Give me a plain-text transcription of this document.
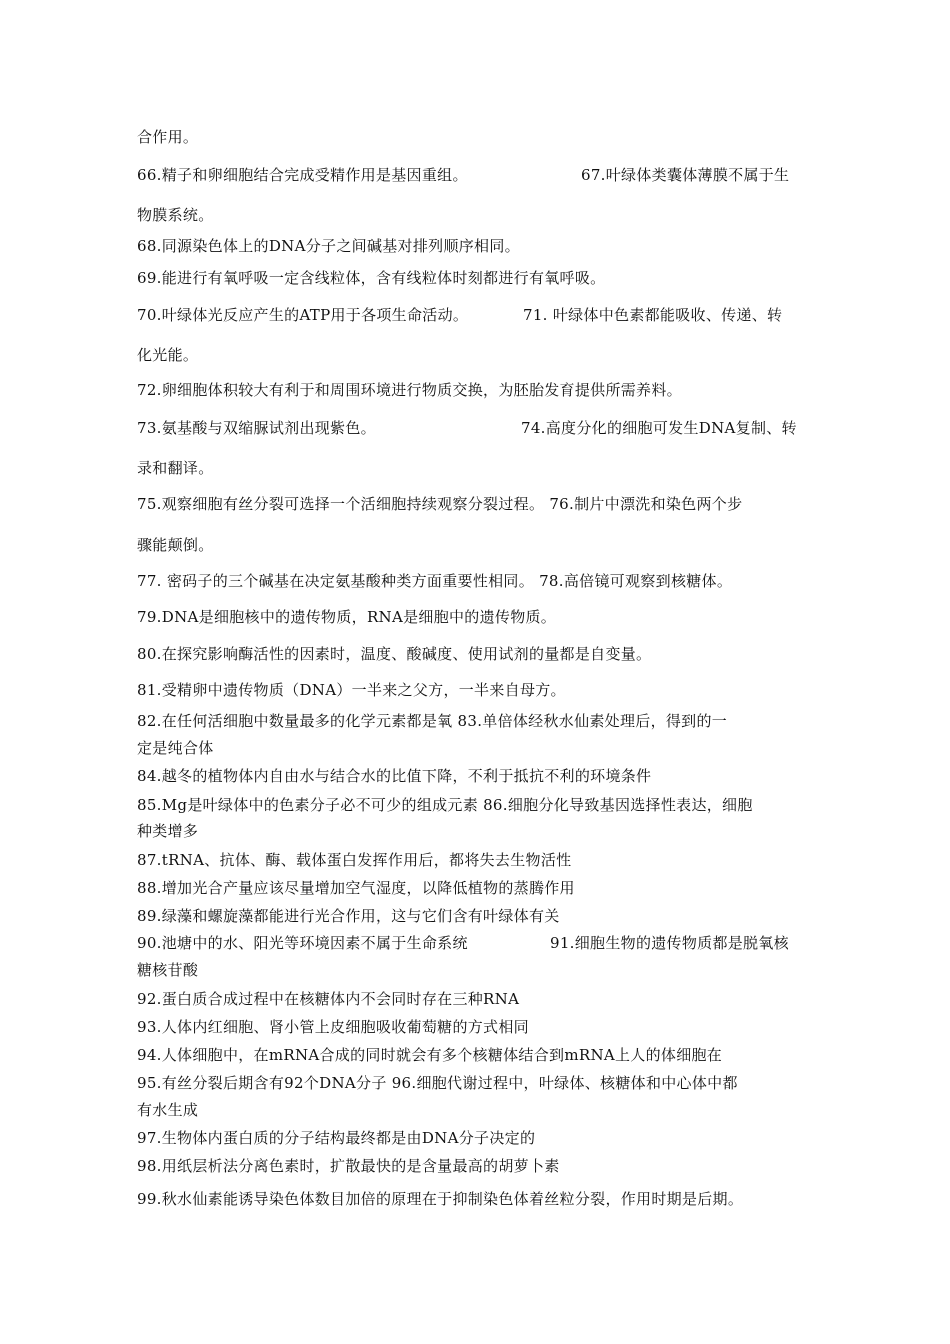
合作用。
66.精子和卵细胞结合完成受精作用是基因重组。	67.叶绿体类囊体薄膜不属于生
物膜系统。
68.同源染色体上的DNA分子之间碱基对排列顺序相同。
69.能进行有氧呼吸一定含线粒体，含有线粒体时刻都进行有氧呼吸。
70.叶绿体光反应产生的ATP用于各项生命活动。	71. 叶绿体中色素都能吸收、传递、转
化光能。
72.卵细胞体积较大有利于和周围环境进行物质交换，为胚胎发育提供所需养料。
73.氨基酸与双缩脲试剂出现紫色。	74.高度分化的细胞可发生DNA复制、转
录和翻译。
75.观察细胞有丝分裂可选择一个活细胞持续观察分裂过程。 76.制片中漂洗和染色两个步
骤能颠倒。
77. 密码子的三个碱基在决定氨基酸种类方面重要性相同。 78.高倍镜可观察到核糖体。
79.DNA是细胞核中的遗传物质，RNA是细胞中的遗传物质。
80.在探究影响酶活性的因素时，温度、酸碱度、使用试剂的量都是自变量。
81.受精卵中遗传物质（DNA）一半来之父方，一半来自母方。
82.在任何活细胞中数量最多的化学元素都是氧 83.单倍体经秋水仙素处理后，得到的一
定是纯合体
84.越冬的植物体内自由水与结合水的比值下降，不利于抵抗不利的环境条件
85.Mg是叶绿体中的色素分子必不可少的组成元素 86.细胞分化导致基因选择性表达，细胞
种类增多
87.tRNA、抗体、酶、载体蛋白发挥作用后，都将失去生物活性
88.增加光合产量应该尽量增加空气湿度，以降低植物的蒸腾作用
89.绿藻和螺旋藻都能进行光合作用，这与它们含有叶绿体有关
90.池塘中的水、阳光等环境因素不属于生命系统	91.细胞生物的遗传物质都是脱氧核
糖核苷酸
92.蛋白质合成过程中在核糖体内不会同时存在三种RNA
93.人体内红细胞、肾小管上皮细胞吸收葡萄糖的方式相同
94.人体细胞中，在mRNA合成的同时就会有多个核糖体结合到mRNA上人的体细胞在
95.有丝分裂后期含有92个DNA分子 96.细胞代谢过程中，叶绿体、核糖体和中心体中都
有水生成
97.生物体内蛋白质的分子结构最终都是由DNA分子决定的
98.用纸层析法分离色素时，扩散最快的是含量最高的胡萝卜素
99.秋水仙素能诱导染色体数目加倍的原理在于抑制染色体着丝粒分裂，作用时期是后期。
